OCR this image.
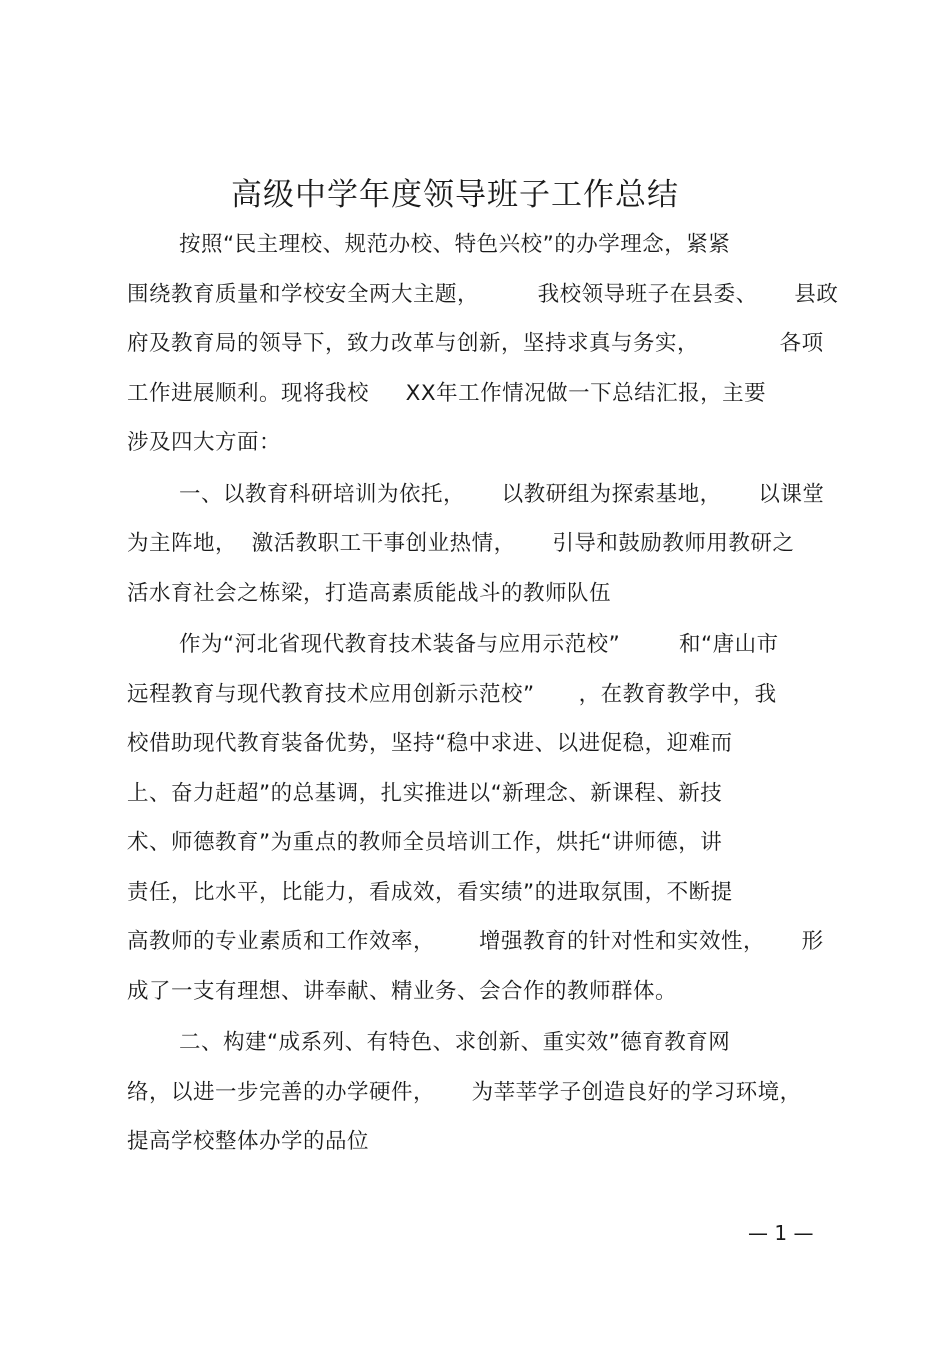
高级中学年度领导班子工作总结
按照“民主理校、规范办校、特色兴校”的办学理念，紧紧
围绕教育质量和学校安全两大主题，        我校领导班子在县委、     县政
府及教育局的领导下，致力改革与创新，坚持求真与务实，           各项
工作进展顺利。现将我校     XX年工作情况做一下总结汇报，主要
涉及四大方面：
一、以教育科研培训为依托，     以教研组为探索基地，     以课堂
为主阵地，  激活教职工干事创业热情，     引导和鼓励教师用教研之
活水育社会之栋梁，打造高素质能战斗的教师队伍
作为“河北省现代教育技术装备与应用示范校”        和“唐山市
远程教育与现代教育技术应用创新示范校”      ，在教育教学中，我
校借助现代教育装备优势，坚持“稳中求进、以进促稳，迎难而
上、奋力赶超”的总基调，扎实推进以“新理念、新课程、新技
术、师德教育”为重点的教师全员培训工作，烘托“讲师德，讲
责任，比水平，比能力，看成效，看实绩”的进取氛围，不断提
高教师的专业素质和工作效率，      增强教育的针对性和实效性，     形
成了一支有理想、讲奉献、精业务、会合作的教师群体。
二、构建“成系列、有特色、求创新、重实效”德育教育网
络，以进一步完善的办学硬件，     为莘莘学子创造良好的学习环境，
提高学校整体办学的品位
— 1 —
